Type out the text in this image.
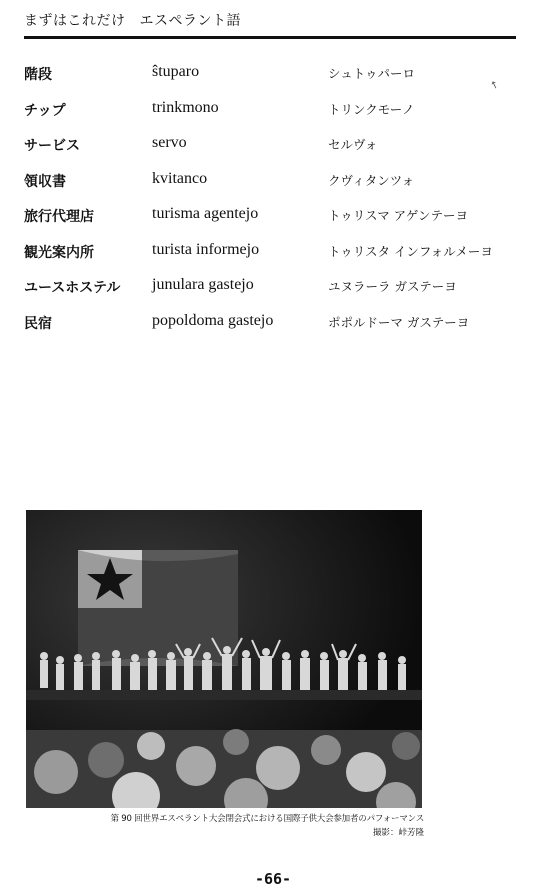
まずはこれだけ エスペラント語
階段	ŝtuparo	シュトゥパーロ
チップ	trinkmono	トリンクモーノ
サービス	servo	セルヴォ
領収書	kvitanco	クヴィタンツォ
旅行代理店	turisma agentejo	トゥリスマ アゲンテーヨ
観光案内所	turista informejo	トゥリスタ インフォルメーヨ
ユースホステル junulara gastejo	ユヌラーラ ガステーヨ
民宿	popoldoma gastejo	ポポルドーマ ガステーヨ
↖
第 90 回世界エスペラント大会閉会式における国際子供大会参加者のパフォーマンス
撮影：峠芳隆
-66-
